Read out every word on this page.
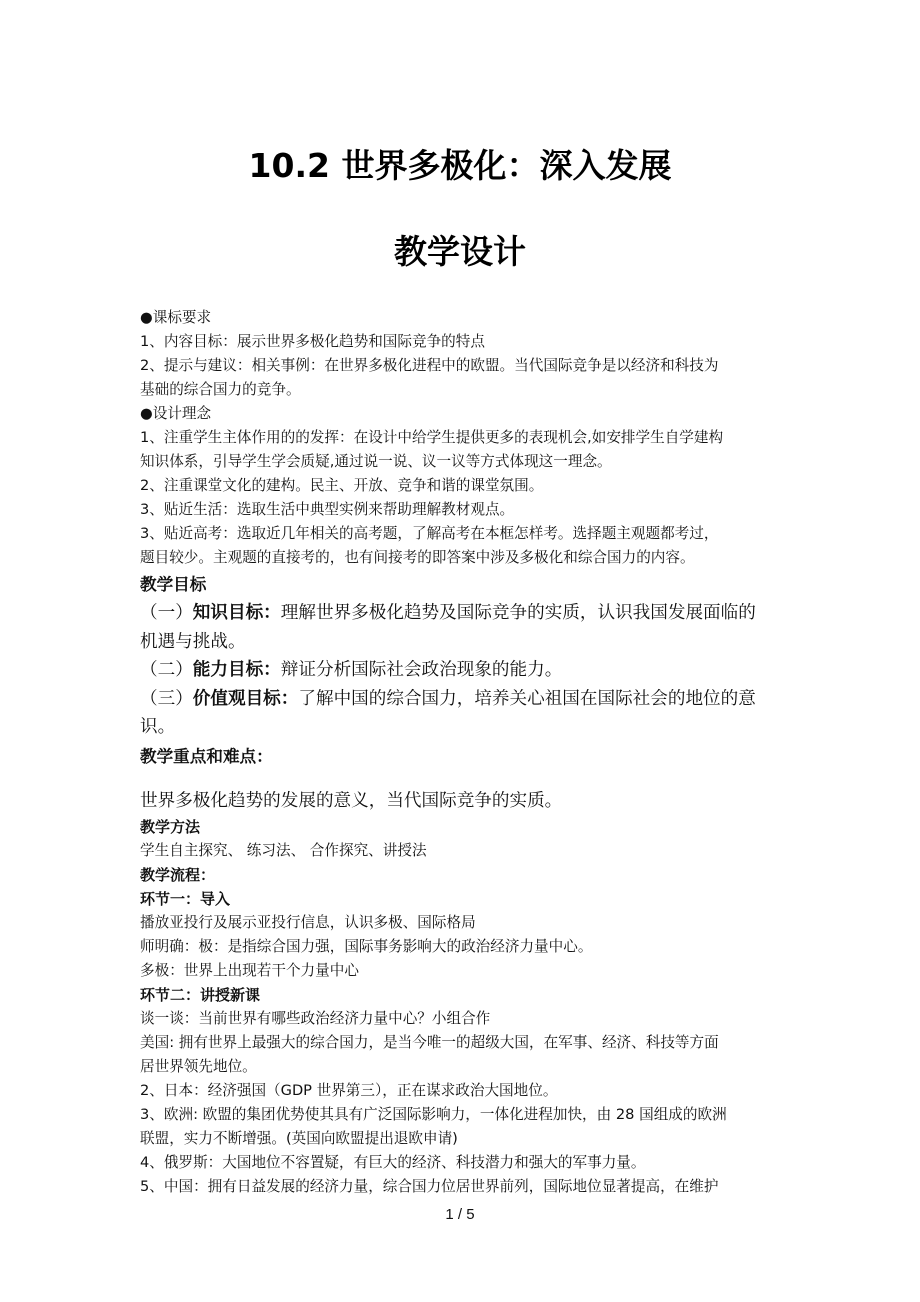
10.2 世界多极化：深入发展
教学设计
●课标要求
1、内容目标：展示世界多极化趋势和国际竞争的特点
2、提示与建议：相关事例：在世界多极化进程中的欧盟。当代国际竞争是以经济和科技为
基础的综合国力的竞争。
●设计理念
1、注重学生主体作用的的发挥：在设计中给学生提供更多的表现机会,如安排学生自学建构
知识体系，引导学生学会质疑,通过说一说、议一议等方式体现这一理念。
2、注重课堂文化的建构。民主、开放、竞争和谐的课堂氛围。
3、贴近生活：选取生活中典型实例来帮助理解教材观点。
3、贴近高考：选取近几年相关的高考题，了解高考在本框怎样考。选择题主观题都考过，
题目较少。主观题的直接考的，也有间接考的即答案中涉及多极化和综合国力的内容。
教学目标
（一）知识目标：理解世界多极化趋势及国际竞争的实质，认识我国发展面临的
机遇与挑战。
（二）能力目标：辩证分析国际社会政治现象的能力。
（三）价值观目标：了解中国的综合国力，培养关心祖国在国际社会的地位的意
识。
教学重点和难点：
世界多极化趋势的发展的意义，当代国际竞争的实质。
教学方法
学生自主探究、 练习法、 合作探究、讲授法
教学流程：
环节一：导入
播放亚投行及展示亚投行信息，认识多极、国际格局
师明确：极：是指综合国力强，国际事务影响大的政治经济力量中心。
多极：世界上出现若干个力量中心
环节二：讲授新课
谈一谈：当前世界有哪些政治经济力量中心？小组合作
美国: 拥有世界上最强大的综合国力，是当今唯一的超级大国，在军事、经济、科技等方面
居世界领先地位。
2、日本：经济强国（GDP 世界第三），正在谋求政治大国地位。
3、欧洲: 欧盟的集团优势使其具有广泛国际影响力，一体化进程加快，由 28 国组成的欧洲
联盟，实力不断增强。(英国向欧盟提出退欧申请)
4、俄罗斯：大国地位不容置疑，有巨大的经济、科技潜力和强大的军事力量。
5、中国：拥有日益发展的经济力量，综合国力位居世界前列，国际地位显著提高，在维护
1 / 5
